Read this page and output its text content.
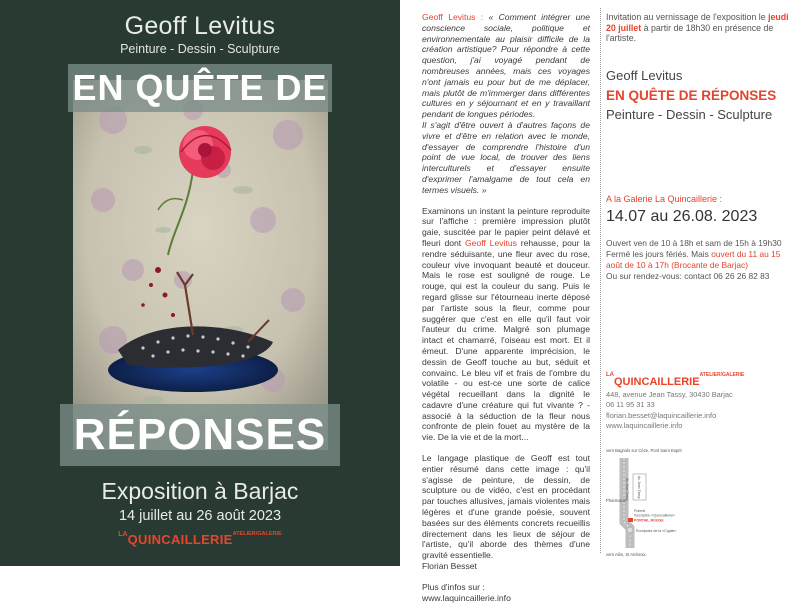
Geoff Levitus
Peinture - Dessin - Sculpture
EN QUÊTE DE
RÉPONSES
Exposition à Barjac
14 juillet au 26 août 2023
$^{LA}QUINCAILLERIE^{ATELIER/GALERIE}$

Geoff Levitus : « Comment intégrer une conscience sociale, politique et environnementale au plaisir difficile de la création artistique? Pour répondre à cette question, j'ai voyagé pendant de nombreuses années, mais ces voyages n'ont jamais eu pour but de me déplacer, mais plutôt de m'immerger dans différentes cultures en y séjournant et en y travaillant pendant de longues périodes.

Il s'agit d'être ouvert à d'autres façons de vivre et d'être en relation avec le monde, d'essayer de comprendre l'histoire d'un point de vue local, de trouver des liens interculturels et d'essayer ensuite d'exprimer l'amalgame de tout cela en termes visuels. »

Examinons un instant la peinture reproduite sur l'affiche : première impression plutôt gaie, suscitée par le papier peint délavé et fleuri dont Geoff Levitus rehausse, pour la rendre séduisante, une fleur avec du rose, couleur vive invoquant beauté et douceur. Mais le rose est souligné de rouge. Le rouge, qui est la couleur du sang. Puis le regard glisse sur l'étourneau inerte déposé par l'artiste sous la fleur, comme pour suggérer que c'est en elle qu'il faut voir l'auteur du crime. Malgré son plumage intact et chamarré, l'oiseau est mort. Et il émeut. D'une apparente imprécision, le dessin de Geoff touche au but, séduit et convainc. Le bleu vif et frais de l'ombre du volatile - ou est-ce une sorte de calice végétal recueillant dans la dignité le cadavre d'une créature qui fut vivante ? - associé à la séduction de la fleur nous confronte de plein fouet au mystère de la vie. De la vie et de la mort...

Le langage plastique de Geoff est tout entier résumé dans cette image : qu'il s'agisse de peinture, de dessin, de sculpture ou de vidéo, c'est en procédant par touches allusives, jamais violentes mais légères et d'une grande poésie, souvent basées sur des éléments concrets recueillis directement dans les lieux de séjour de l'artiste, qu'il aborde des thèmes d'une gravité essentielle.

Florian Besset

Plus d'infos sur :

www.laquincaillerie.info

Invitation au vernissage de l'exposition le jeudi 20 juillet à partir de 18h30 en présence de l'artiste.

Geoff Levitus
EN QUÊTE DE RÉPONSES
Peinture - Dessin - Sculpture
A la Galerie La Quincaillerie :
14.07 au 26.08. 2023
Ouvert ven de 10 à 18h et sam de 15h à 19h30
Fermé les jours fériés. Mais ouvert du 11 au 15 août de 10 à 17h (Brocante de Barjac)
Ou sur rendez-vous: contact 06 26 26 82 83
$^{LA}QUINCAILLERIE^{ATELIER/GALERIE}$
448, avenue Jean Tassy, 30430 Barjac
06 11 95 31 33
florian.besset@laquincaillerie.info
www.laquincaillerie.info
vers Bagnols sur Cèze, Pont Saint Esprit
Av. Jean Tassy Av. Jean Tassy
Pharmacie
Poterie
Inscription «Quincaillerie»
PORTAIL ROUGE
Rondpoint de la «Cigale»
vers Alès, St Ambroix
